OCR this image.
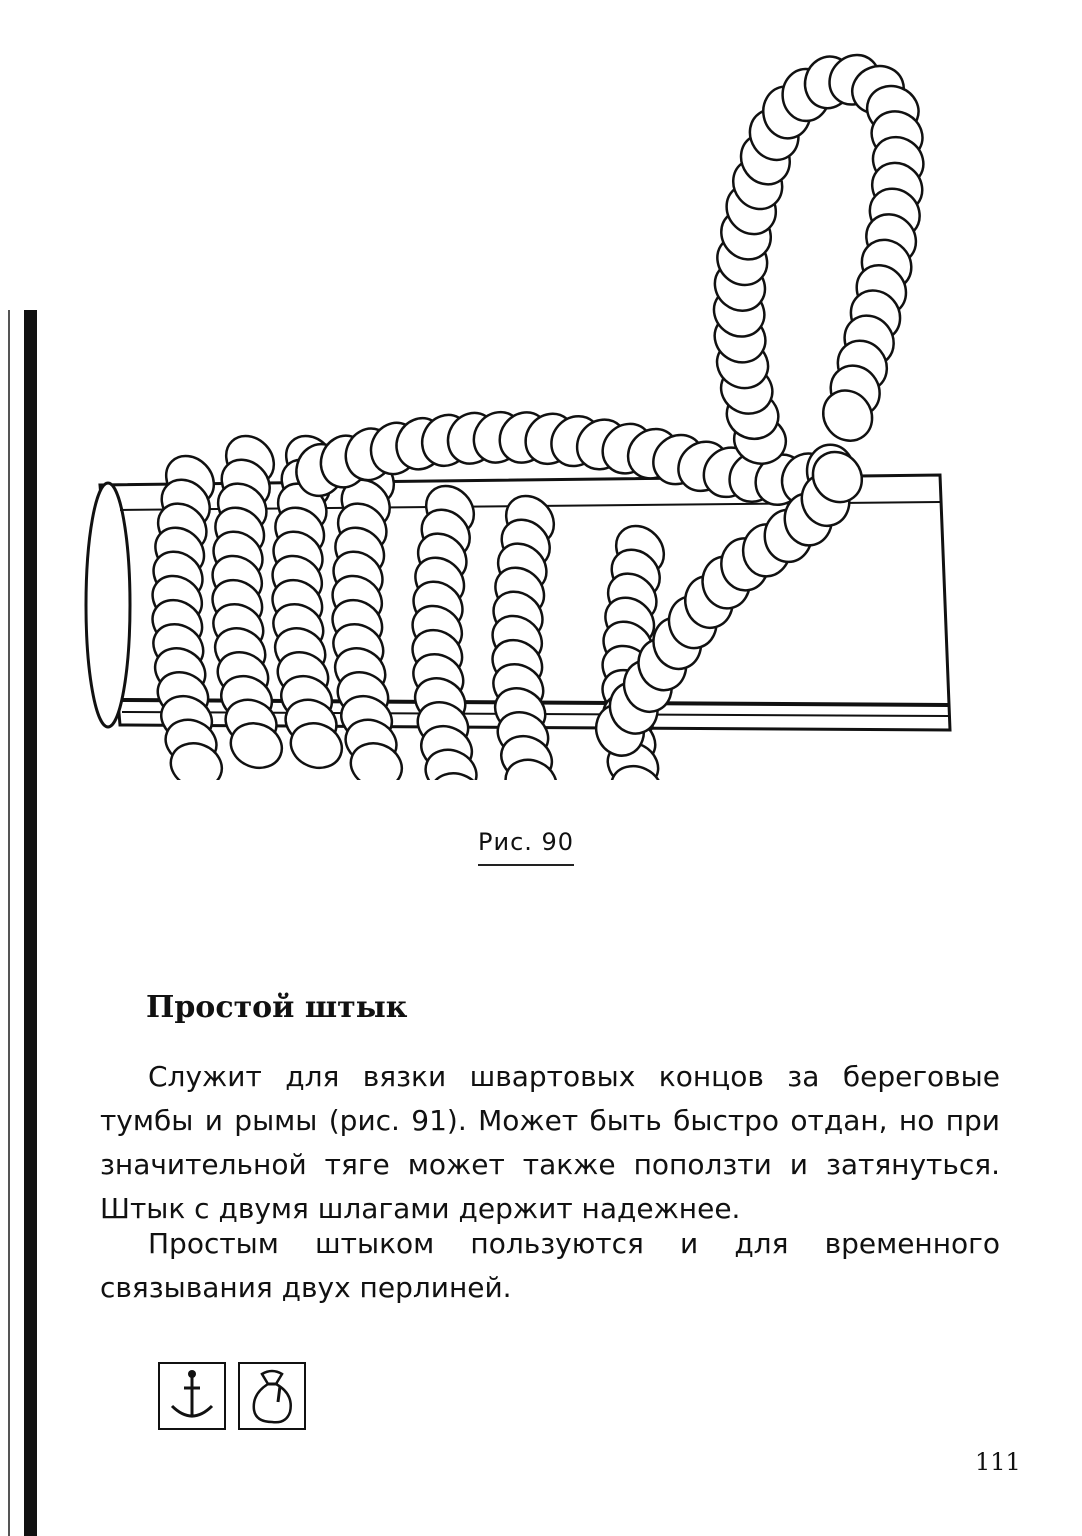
Рис. 90
Простой штык
Служит для вязки швартовых концов за береговые тумбы и рымы (рис. 91). Может быть быстро отдан, но при значительной тяге может также поползти и затянуться. Штык с двумя шлагами держит надежнее.
Простым штыком пользуются и для временного связывания двух перлиней.
111
